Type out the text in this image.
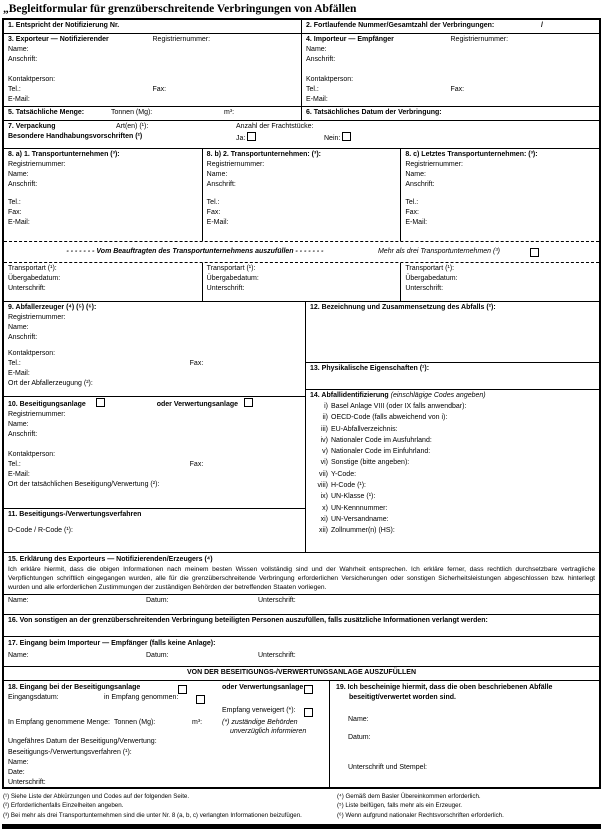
„Begleitformular für grenzüberschreitende Verbringungen von Abfällen
1. Entspricht der Notifizierung Nr.	2. Fortlaufende Nummer/Gesamtzahl der Verbringungen:	/
3. Exporteur — Notifizierender	Registriernummer:
Name:
Anschrift:
Kontaktperson:
Tel.:	Fax:
E-Mail:
4. Importeur — Empfänger	Registriernummer:
Name:
Anschrift:
Kontaktperson:
Tel.:	Fax:
E-Mail:
5. Tatsächliche Menge:	Tonnen (Mg):	m³:	6. Tatsächliches Datum der Verbringung:
7. Verpackung	Art(en) (¹):	Anzahl der Frachtstücke:
Besondere Handhabungsvorschriften (²)	Ja:	Nein:
8. a) 1. Transportunternehmen (³):
Registriernummer:
Name:
Anschrift:
Tel.:
Fax:
E-Mail:
8. b) 2. Transportunternehmen: (³):
Registriernummer:
Name:
Anschrift:
Tel.:
Fax:
E-Mail:
8. c) Letztes Transportunternehmen: (³):
Registriernummer:
Name:
Anschrift:
Tel.:
Fax:
E-Mail:
- - - - - - - Vom Beauftragten des Transportunternehmens auszufüllen - - - - - - -	Mehr als drei Transportunternehmen (³)
Transportart (¹):
Übergabedatum:
Unterschrift:
Transportart (¹):
Übergabedatum:
Unterschrift:
Transportart (¹):
Übergabedatum:
Unterschrift:
9. Abfallerzeuger (⁴) (⁵) (⁶):
Registriernummer:
Name:
Anschrift:
Kontaktperson:
Tel.:	Fax:
E-Mail:
Ort der Abfallerzeugung (²):
10. Beseitigungsanlage	oder Verwertungsanlage
Registriernummer:
Name:
Anschrift:
Kontaktperson:
Tel.:	Fax:
E-Mail:
Ort der tatsächlichen Beseitigung/Verwertung (²):
11. Beseitigungs-/Verwertungsverfahren
D-Code / R-Code (¹):
12. Bezeichnung und Zusammensetzung des Abfalls (²):
13. Physikalische Eigenschaften (¹):
14. Abfallidentifizierung (einschlägige Codes angeben)
i) Basel Anlage VIII (oder IX falls anwendbar):
ii) OECD-Code (falls abweichend von i):
iii) EU-Abfallverzeichnis:
iv) Nationaler Code im Ausfuhrland:
v) Nationaler Code im Einfuhrland:
vi) Sonstige (bitte angeben):
vii) Y-Code:
viii) H-Code (¹):
ix) UN-Klasse (¹):
x) UN-Kennnummer:
xi) UN-Versandname:
xii) Zollnummer(n) (HS):
15. Erklärung des Exporteurs — Notifizierenden/Erzeugers (⁴)
Ich erkläre hiermit, dass die obigen Informationen nach meinem besten Wissen vollständig sind und der Wahrheit entsprechen. Ich erkläre ferner, dass rechtlich durchsetzbare vertragliche Verpflichtungen schriftlich eingegangen wurden, alle für die grenzüberschreitende Verbringung erforderlichen Versicherungen oder sonstigen Sicherheitsleistungen abgeschlossen bzw. hinterlegt wurden und alle erforderlichen Zustimmungen der zuständigen Behörden der betreffenden Staaten vorliegen.
Name:	Datum:	Unterschrift:
16. Von sonstigen an der grenzüberschreitenden Verbringung beteiligten Personen auszufüllen, falls zusätzliche Informationen verlangt werden:
17. Eingang beim Importeur — Empfänger (falls keine Anlage):
Name:	Datum:	Unterschrift:
VON DER BESEITIGUNGS-/VERWERTUNGSANLAGE AUSZUFÜLLEN
18. Eingang bei der Beseitigungsanlage	oder Verwertungsanlage
Eingangsdatum:	in Empfang genommen:
Empfang verweigert (*):
In Empfang genommene Menge: Tonnen (Mg):	m³:	(*) zuständige Behörden
unverzüglich informieren
Ungefähres Datum der Beseitigung/Verwertung:
Beseitigungs-/Verwertungsverfahren (¹):
Name:
Date:
Unterschrift:
19. Ich bescheinige hiermit, dass die oben beschriebenen Abfälle beseitigt/verwertet worden sind.
Name:
Datum:
Unterschrift und Stempel:
(¹) Siehe Liste der Abkürzungen und Codes auf der folgenden Seite.
(²) Erforderlichenfalls Einzelheiten angeben.
(³) Bei mehr als drei Transportunternehmen sind die unter Nr. 8 (a, b, c) verlangten Informationen beizufügen.
(⁴) Gemäß dem Basler Übereinkommen erforderlich.
(⁵) Liste beifügen, falls mehr als ein Erzeuger.
(⁶) Wenn aufgrund nationaler Rechtsvorschriften erforderlich.
